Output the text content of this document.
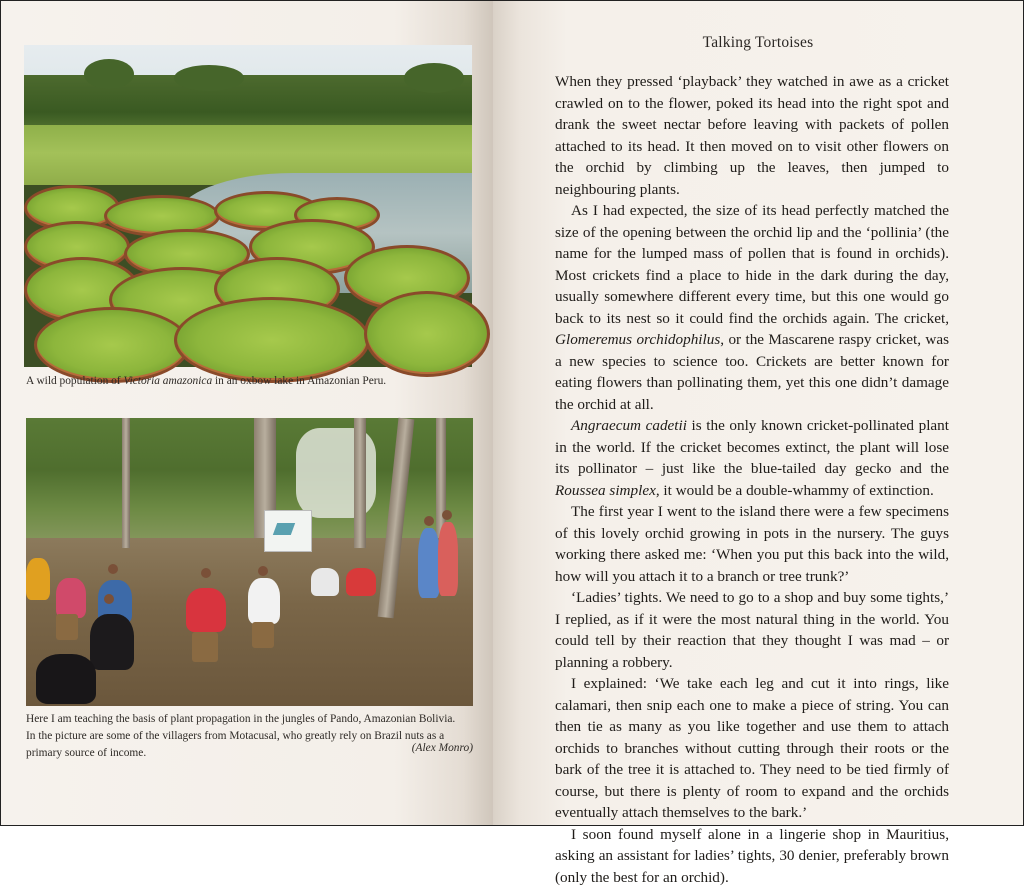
A wild population of Victoria amazonica in an oxbow lake in Amazonian Peru.
Here I am teaching the basis of plant propagation in the jungles of Pando, Amazonian Bolivia.
In the picture are some of the villagers from Motacusal, who greatly rely on Brazil nuts as a
primary source of income.	(Alex Monro)
Talking Tortoises

When they pressed ‘playback’ they watched in awe as a cricket crawled on to the flower, poked its head into the right spot and drank the sweet nectar before leaving with packets of pollen attached to its head. It then moved on to visit other flowers on the orchid by climbing up the leaves, then jumped to neighbouring plants.

As I had expected, the size of its head perfectly matched the size of the opening between the orchid lip and the ‘pollinia’ (the name for the lumped mass of pollen that is found in orchids). Most crickets find a place to hide in the dark during the day, usually somewhere different every time, but this one would go back to its nest so it could find the orchids again. The cricket, Glomeremus orchidophilus, or the Mascarene raspy cricket, was a new species to science too. Crickets are better known for eating flowers than pollinating them, yet this one didn’t damage the orchid at all.

Angraecum cadetii is the only known cricket-pollinated plant in the world. If the cricket becomes extinct, the plant will lose its pollinator – just like the blue-tailed day gecko and the Roussea simplex, it would be a double-whammy of extinction.

The first year I went to the island there were a few specimens of this lovely orchid growing in pots in the nursery. The guys working there asked me: ‘When you put this back into the wild, how will you attach it to a branch or tree trunk?’

‘Ladies’ tights. We need to go to a shop and buy some tights,’ I replied, as if it were the most natural thing in the world. You could tell by their reaction that they thought I was mad – or planning a robbery.

I explained: ‘We take each leg and cut it into rings, like calamari, then snip each one to make a piece of string. You can then tie as many as you like together and use them to attach orchids to branches without cutting through their roots or the bark of the tree it is attached to. They need to be tied firmly of course, but there is plenty of room to expand and the orchids eventually attach themselves to the bark.’

I soon found myself alone in a lingerie shop in Mauritius, asking an assistant for ladies’ tights, 30 denier, preferably brown (only the best for an orchid).
